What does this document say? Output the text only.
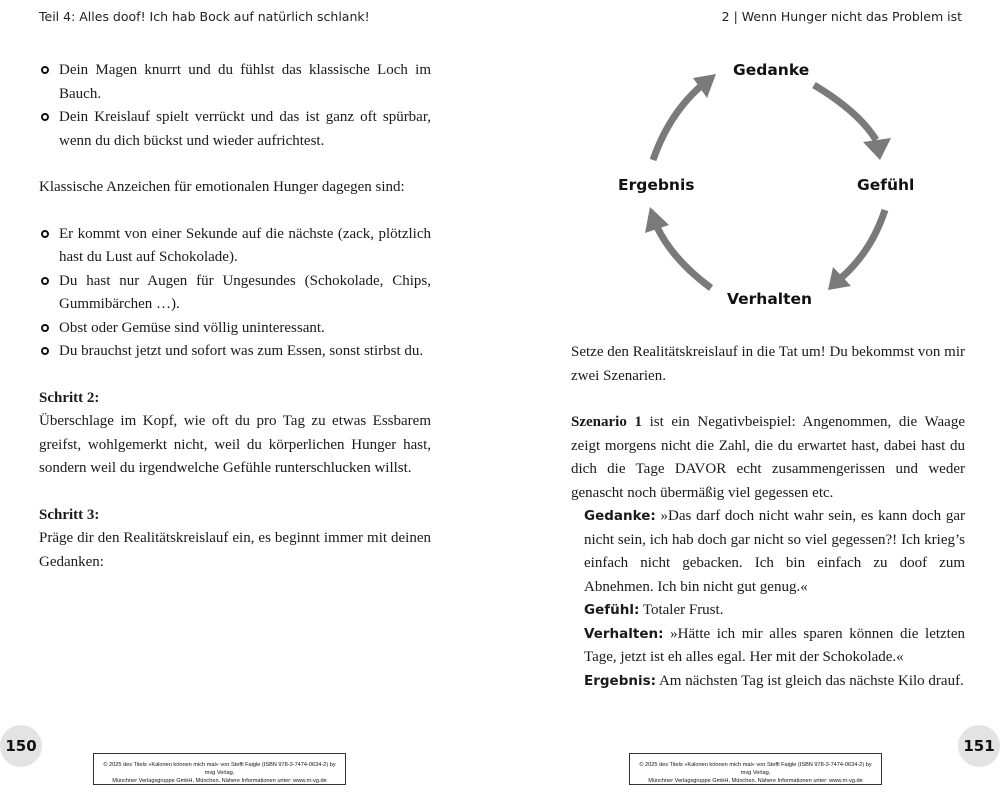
Teil 4: Alles doof! Ich hab Bock auf natürlich schlank!	2 | Wenn Hunger nicht das Problem ist
Dein Magen knurrt und du fühlst das klassische Loch im Bauch.
Dein Kreislauf spielt verrückt und das ist ganz oft spürbar, wenn du dich bückst und wieder aufrichtest.

Klassische Anzeichen für emotionalen Hunger dagegen sind:

Er kommt von einer Sekunde auf die nächste (zack, plötzlich hast du Lust auf Schokolade).
Du hast nur Augen für Ungesundes (Schokolade, Chips, Gummibärchen …).
Obst oder Gemüse sind völlig uninteressant.
Du brauchst jetzt und sofort was zum Essen, sonst stirbst du.
Schritt 2:

Überschlage im Kopf, wie oft du pro Tag zu etwas Essbarem greifst, wohlgemerkt nicht, weil du körperlichen Hunger hast, sondern weil du irgendwelche Gefühle runterschlucken willst.

Schritt 3:

Präge dir den Realitätskreislauf ein, es beginnt immer mit deinen Gedanken:

Gedanke
Gefühl
Verhalten
Ergebnis

Setze den Realitätskreislauf in die Tat um! Du bekommst von mir zwei Szenarien.

Szenario 1 ist ein Negativbeispiel: Angenommen, die Waage zeigt morgens nicht die Zahl, die du erwartet hast, dabei hast du dich die Tage DAVOR echt zusammengerissen und weder genascht noch übermäßig viel gegessen etc.

Gedanke: »Das darf doch nicht wahr sein, es kann doch gar nicht sein, ich hab doch gar nicht so viel gegessen?! Ich krieg’s einfach nicht gebacken. Ich bin einfach zu doof zum Abnehmen. Ich bin nicht gut genug.«
Gefühl: Totaler Frust.
Verhalten: »Hätte ich mir alles sparen können die letzten Tage, jetzt ist eh alles egal. Her mit der Schokolade.«
Ergebnis: Am nächsten Tag ist gleich das nächste Kilo drauf.
150	151
© 2025 des Titels »Kalorien können mich mal« von Steffi Faigle (ISBN 978-3-7474-0634-2) by mvg Verlag,
Münchner Verlagsgruppe GmbH, München. Nähere Informationen unter: www.m-vg.de
© 2025 des Titels »Kalorien können mich mal« von Steffi Faigle (ISBN 978-3-7474-0634-2) by mvg Verlag,
Münchner Verlagsgruppe GmbH, München. Nähere Informationen unter: www.m-vg.de
